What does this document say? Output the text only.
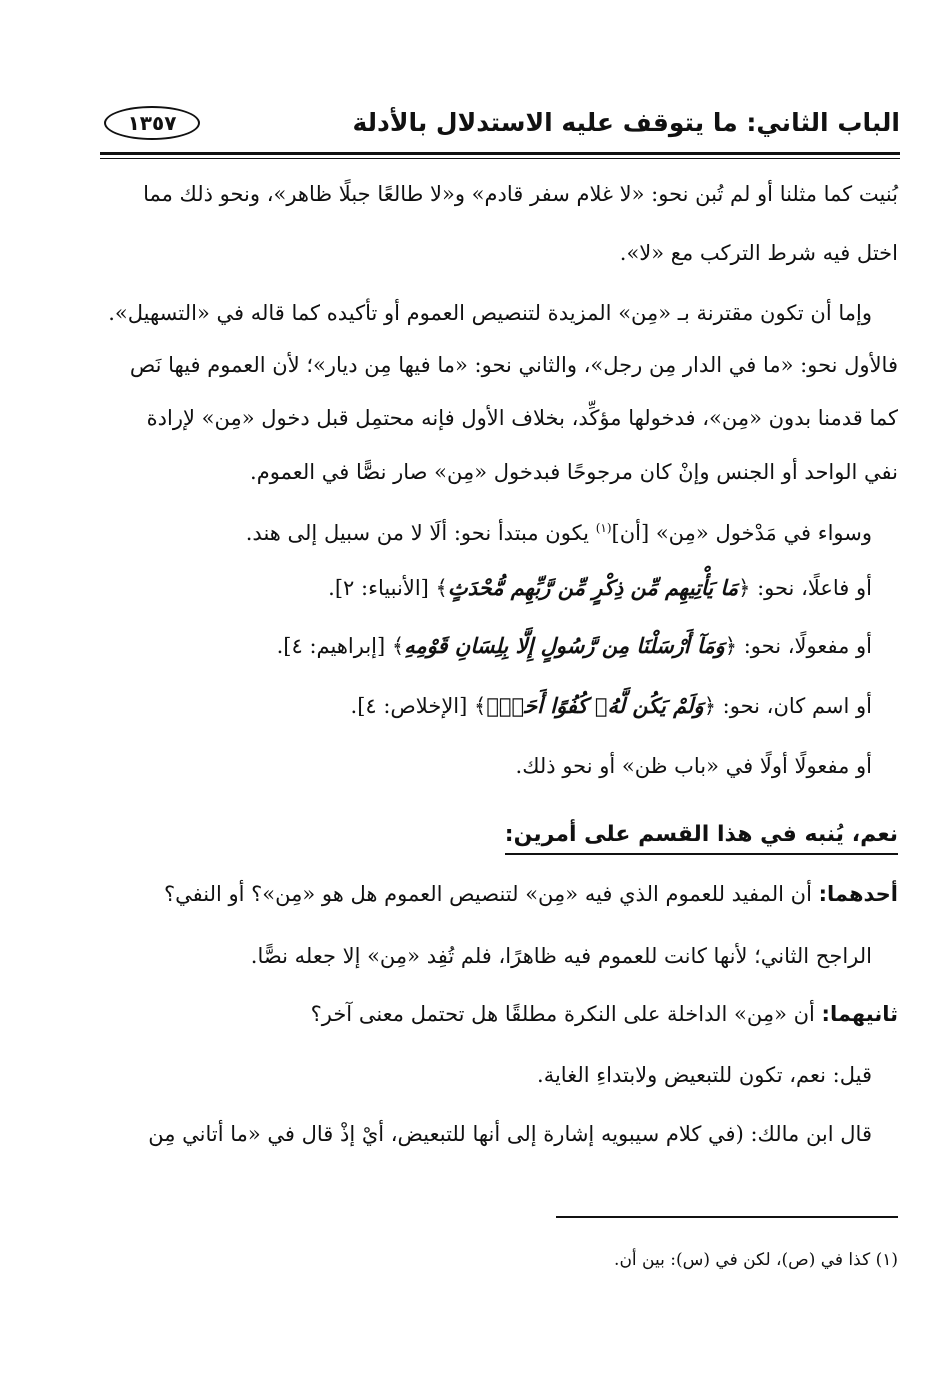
الباب الثاني: ما يتوقف عليه الاستدلال بالأدلة
١٣٥٧
بُنيت كما مثلنا أو لم تُبن نحو: «لا غلام سفر قادم» و«لا طالعًا جبلًا ظاهر»، ونحو ذلك مما
اختل فيه شرط التركب مع «لا».
وإما أن تكون مقترنة بـ «مِن» المزيدة لتنصيص العموم أو تأكيده كما قاله في «التسهيل».
فالأول نحو: «ما في الدار مِن رجل»، والثاني نحو: «ما فيها مِن ديار»؛ لأن العموم فيها نَص
كما قدمنا بدون «مِن»، فدخولها مؤكِّد، بخلاف الأول فإنه محتمِل قبل دخول «مِن» لإرادة
نفي الواحد أو الجنس وإنْ كان مرجوحًا فبدخول «مِن» صار نصًّا في العموم.
وسواء في مَدْخول «مِن» [أن]$^{(١)}$ يكون مبتدأ نحو: ألَا لا من سبيل إلى هند.
أو فاعلًا، نحو: ﴿مَا يَأْتِيهِم مِّن ذِكْرٍ مِّن رَّبِّهِم مُّحْدَثٍ﴾ [الأنبياء: ٢].
أو مفعولًا، نحو: ﴿وَمَآ أَرْسَلْنَا مِن رَّسُولٍ إِلَّا بِلِسَانِ قَوْمِهِ﴾ [إبراهيم: ٤].
أو اسم كان، نحو: ﴿وَلَمْ يَكُن لَّهُۥ كُفُوًا أَحَدٌۢ﴾ [الإخلاص: ٤].
أو مفعولًا أولًا في «باب ظن» أو نحو ذلك.
نعم، يُنبه في هذا القسم على أمرين:
أحدهما: أن المفيد للعموم الذي فيه «مِن» لتنصيص العموم هل هو «مِن»؟ أو النفي؟
الراجح الثاني؛ لأنها كانت للعموم فيه ظاهرًا، فلم تُفِد «مِن» إلا جعله نصًّا.
ثانيهما: أن «مِن» الداخلة على النكرة مطلقًا هل تحتمل معنى آخر؟
قيل: نعم، تكون للتبعيض ولابتداءِ الغاية.
قال ابن مالك: (في كلام سيبويه إشارة إلى أنها للتبعيض، أيْ إذْ قال في «ما أتاني مِن
(١) كذا في (ص)، لكن في (س): بين أن.
